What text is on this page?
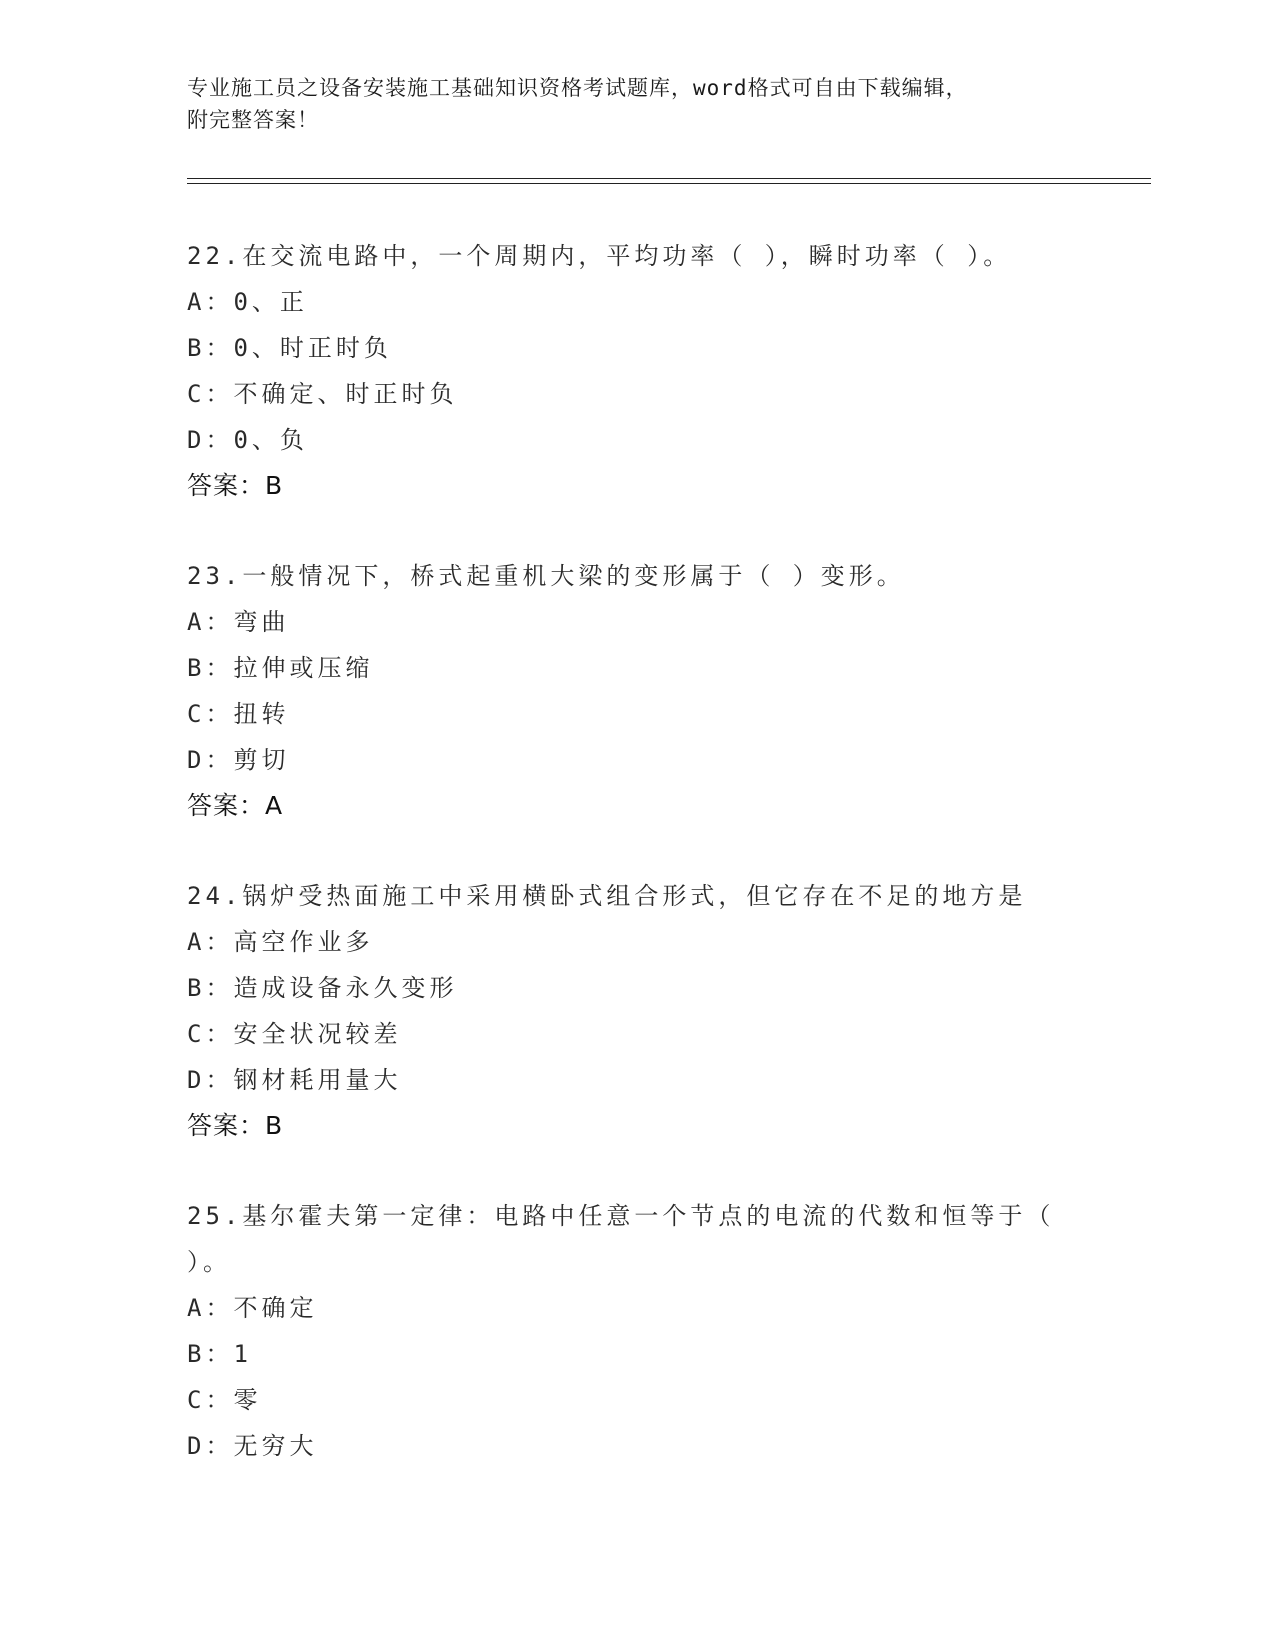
专业施工员之设备安装施工基础知识资格考试题库，word格式可自由下载编辑，
附完整答案！

22.在交流电路中，一个周期内，平均功率（ ），瞬时功率（ ）。

A：0、正

B：0、时正时负

C：不确定、时正时负

D：0、负

答案：B

23.一般情况下，桥式起重机大梁的变形属于（ ）变形。

A：弯曲

B：拉伸或压缩

C：扭转

D：剪切

答案：A

24.锅炉受热面施工中采用横卧式组合形式，但它存在不足的地方是

A：高空作业多

B：造成设备永久变形

C：安全状况较差

D：钢材耗用量大

答案：B

25.基尔霍夫第一定律：电路中任意一个节点的电流的代数和恒等于（ ）。

A：不确定

B：1

C：零

D：无穷大
